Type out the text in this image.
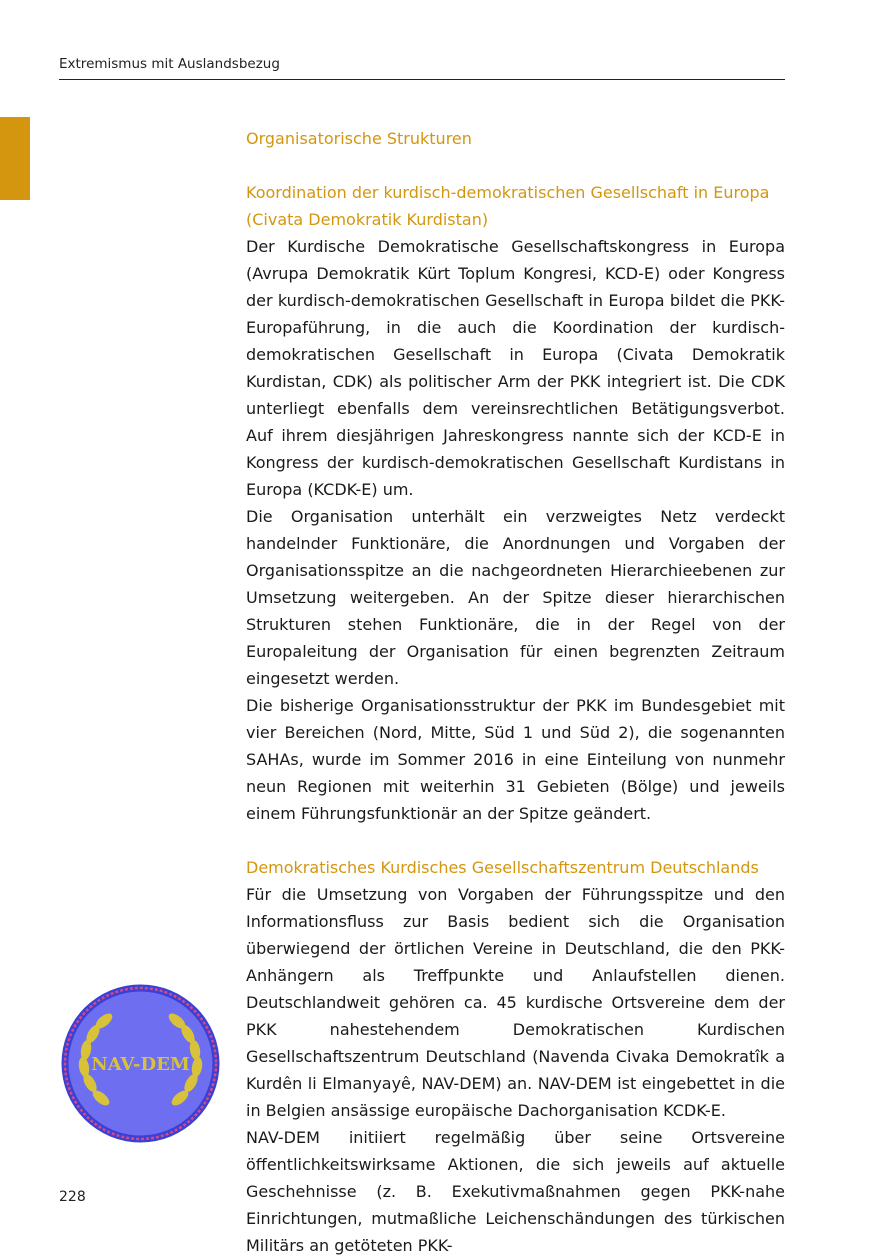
Extremismus mit Auslandsbezug

Organisatorische Strukturen

Koordination der kurdisch-demokratischen Gesellschaft in Europa

(Civata Demokratik Kurdistan)

Der Kurdische Demokratische Gesellschaftskongress in Europa (Avrupa Demokratik Kürt Toplum Kongresi, KCD-E) oder Kongress der kurdisch-demokratischen Gesellschaft in Europa bildet die PKK-Europaführung, in die auch die Koordination der kurdisch-demokratischen Gesellschaft in Europa (Civata Demokratik Kurdistan, CDK) als politischer Arm der PKK integriert ist. Die CDK unterliegt ebenfalls dem vereinsrechtlichen Betätigungsverbot. Auf ihrem diesjährigen Jahreskongress nannte sich der KCD-E in Kongress der kurdisch-demokratischen Gesellschaft Kurdistans in Europa (KCDK-E) um.

Die Organisation unterhält ein verzweigtes Netz verdeckt handelnder Funktionäre, die Anordnungen und Vorgaben der Organisationsspitze an die nachgeordneten Hierarchieebenen zur Umsetzung weitergeben. An der Spitze dieser hierarchischen Strukturen stehen Funktionäre, die in der Regel von der Europaleitung der Organisation für einen begrenzten Zeitraum eingesetzt werden.

Die bisherige Organisationsstruktur der PKK im Bundesgebiet mit vier Bereichen (Nord, Mitte, Süd 1 und Süd 2), die sogenannten SAHAs, wurde im Sommer 2016 in eine Einteilung von nunmehr neun Regionen mit weiterhin 31 Gebieten (Bölge) und jeweils einem Führungsfunktionär an der Spitze geändert.

Demokratisches Kurdisches Gesellschaftszentrum Deutschlands

Für die Umsetzung von Vorgaben der Führungsspitze und den Informationsfluss zur Basis bedient sich die Organisation überwiegend der örtlichen Vereine in Deutschland, die den PKK-Anhängern als Treffpunkte und Anlaufstellen dienen. Deutschlandweit gehören ca. 45 kurdische Ortsvereine dem der PKK nahestehendem Demokratischen Kurdischen Gesellschaftszentrum Deutschland (Navenda Civaka Demokratîk a Kurdên li Elmanyayê, NAV-DEM) an. NAV-DEM ist eingebettet in die in Belgien ansässige europäische Dachorganisation KCDK-E.

NAV-DEM initiiert regelmäßig über seine Ortsvereine öffentlichkeitswirksame Aktionen, die sich jeweils auf aktuelle Geschehnisse (z. B. Exekutivmaßnahmen gegen PKK-nahe Einrichtungen, mutmaßliche Leichenschändungen des türkischen Militärs an getöteten PKK-

NAV-DEM
228
